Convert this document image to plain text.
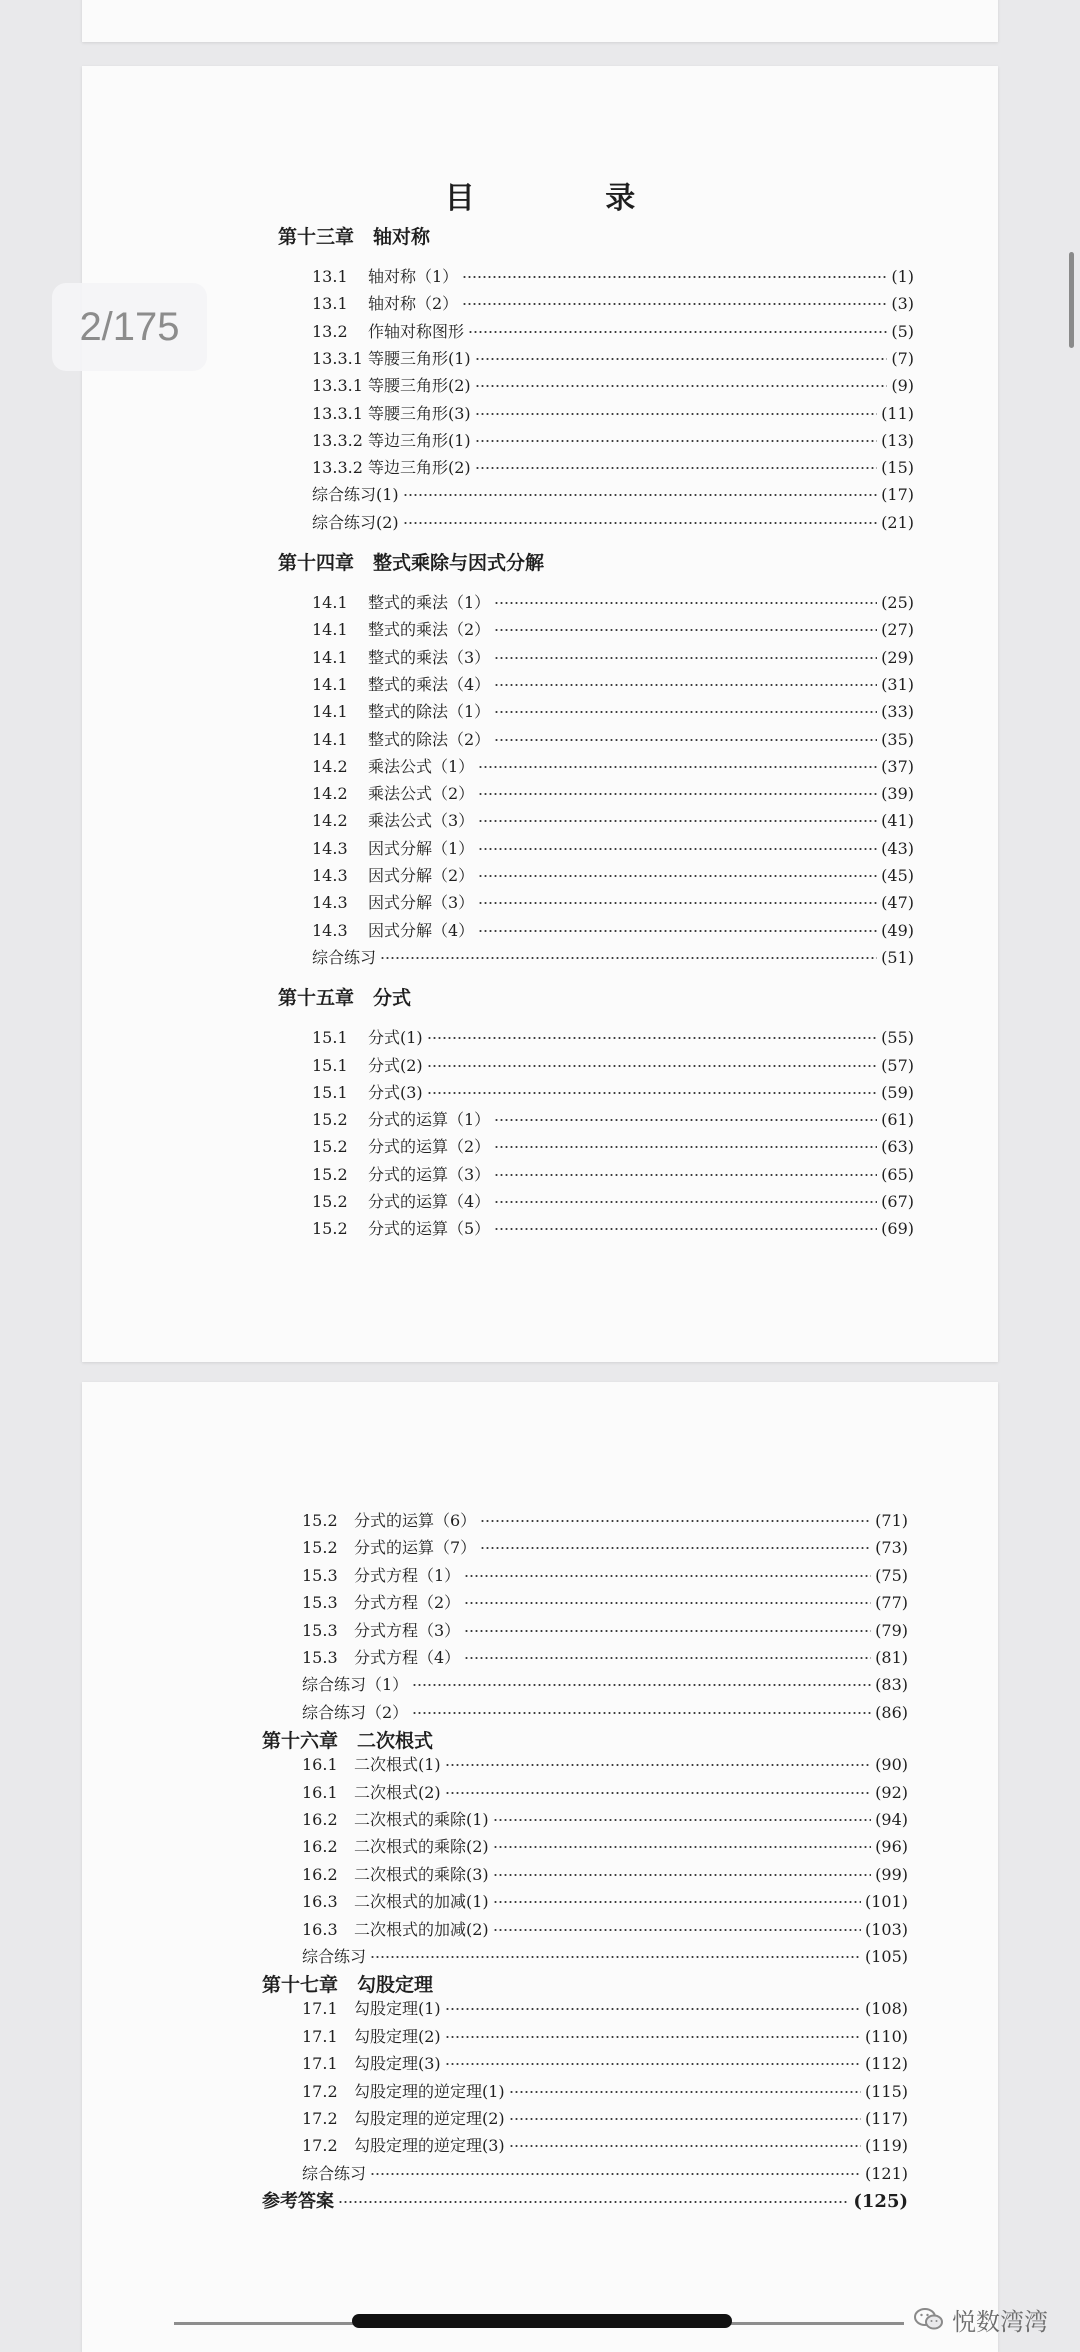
目 录
第十三章　轴对称
13.1	轴对称（1）	(1)
13.1	轴对称（2）	(3)
13.2	作轴对称图形	(5)
13.3.1 等腰三角形(1)	(7)
13.3.1 等腰三角形(2)	(9)
13.3.1 等腰三角形(3)	(11)
13.3.2 等边三角形(1)	(13)
13.3.2 等边三角形(2)	(15)
综合练习(1)	(17)
综合练习(2)	(21)
第十四章　整式乘除与因式分解
14.1	整式的乘法（1）	(25)
14.1	整式的乘法（2）	(27)
14.1	整式的乘法（3）	(29)
14.1	整式的乘法（4）	(31)
14.1	整式的除法（1）	(33)
14.1	整式的除法（2）	(35)
14.2	乘法公式（1）	(37)
14.2	乘法公式（2）	(39)
14.2	乘法公式（3）	(41)
14.3	因式分解（1）	(43)
14.3	因式分解（2）	(45)
14.3	因式分解（3）	(47)
14.3	因式分解（4）	(49)
综合练习	(51)
第十五章　分式
15.1	分式(1)	(55)
15.1	分式(2)	(57)
15.1	分式(3)	(59)
15.2	分式的运算（1）	(61)
15.2	分式的运算（2）	(63)
15.2	分式的运算（3）	(65)
15.2	分式的运算（4）	(67)
15.2	分式的运算（5）	(69)
15.2	分式的运算（6）	(71)
15.2	分式的运算（7）	(73)
15.3	分式方程（1）	(75)
15.3	分式方程（2）	(77)
15.3	分式方程（3）	(79)
15.3	分式方程（4）	(81)
综合练习（1）	(83)
综合练习（2）	(86)
第十六章　二次根式
16.1	二次根式(1)	(90)
16.1	二次根式(2)	(92)
16.2	二次根式的乘除(1)	(94)
16.2	二次根式的乘除(2)	(96)
16.2	二次根式的乘除(3)	(99)
16.3	二次根式的加减(1)	(101)
16.3	二次根式的加减(2)	(103)
综合练习	(105)
第十七章　勾股定理
17.1	勾股定理(1)	(108)
17.1	勾股定理(2)	(110)
17.1	勾股定理(3)	(112)
17.2	勾股定理的逆定理(1)	(115)
17.2	勾股定理的逆定理(2)	(117)
17.2	勾股定理的逆定理(3)	(119)
综合练习	(121)
参考答案	(125)
2/175
悦数湾湾
